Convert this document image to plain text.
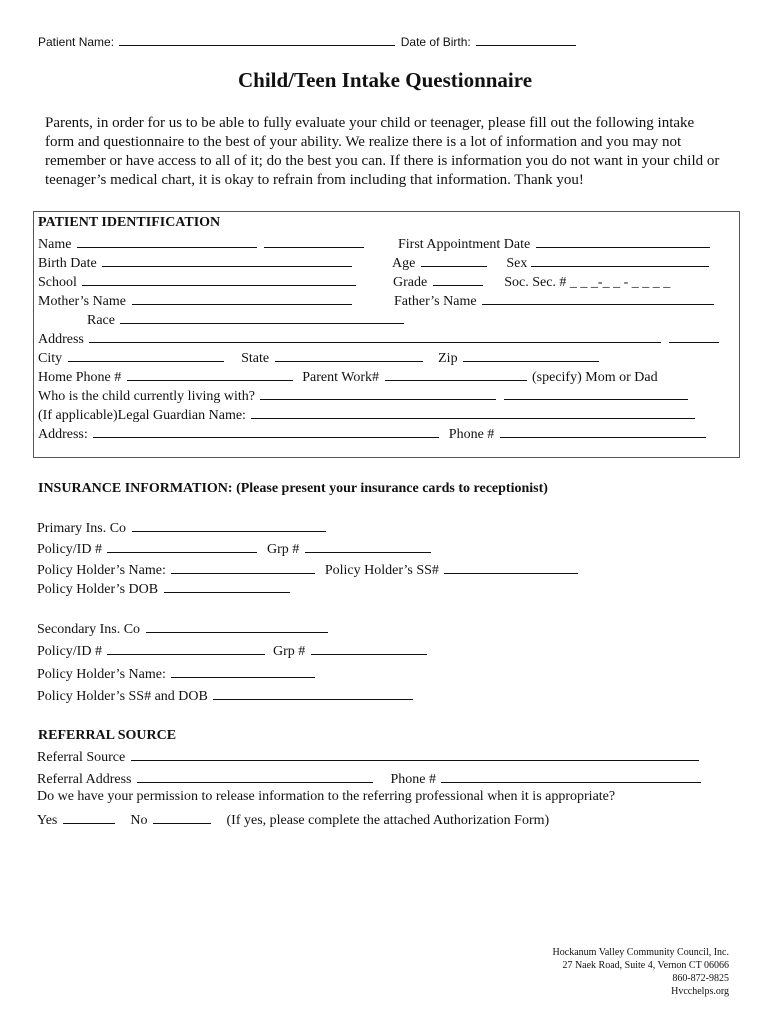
Patient Name:	Date of Birth:
Child/Teen Intake Questionnaire
Parents, in order for us to be able to fully evaluate your child or teenager, please fill out the following intake
form and questionnaire to the best of your ability. We realize there is a lot of information and you may not
remember or have access to all of it; do the best you can. If there is information you do not want in your child or
teenager’s medical chart, it is okay to refrain from including that information. Thank you!
PATIENT IDENTIFICATION
Name	First Appointment Date
Birth Date	Age	Sex
School	Grade	Soc. Sec. # _ _ _-_ _ - _ _ _ _
Mother’s Name	Father’s Name
Race
Address
City	State	Zip
Home Phone #	Parent Work#	(specify) Mom or Dad
Who is the child currently living with?
(If applicable)Legal Guardian Name:
Address:	Phone #
INSURANCE INFORMATION: (Please present your insurance cards to receptionist)
Primary Ins. Co
Policy/ID #	Grp #
Policy Holder’s Name:	Policy Holder’s SS#
Policy Holder’s DOB
Secondary Ins. Co
Policy/ID #	Grp #
Policy Holder’s Name:
Policy Holder’s SS# and DOB
REFERRAL SOURCE
Referral Source
Referral Address	Phone #
Do we have your permission to release information to the referring professional when it is appropriate?
Yes	No	(If yes, please complete the attached Authorization Form)
Hockanum Valley Community Council, Inc.
27 Naek Road, Suite 4, Vernon CT 06066
860-872-9825
Hvcchelps.org
